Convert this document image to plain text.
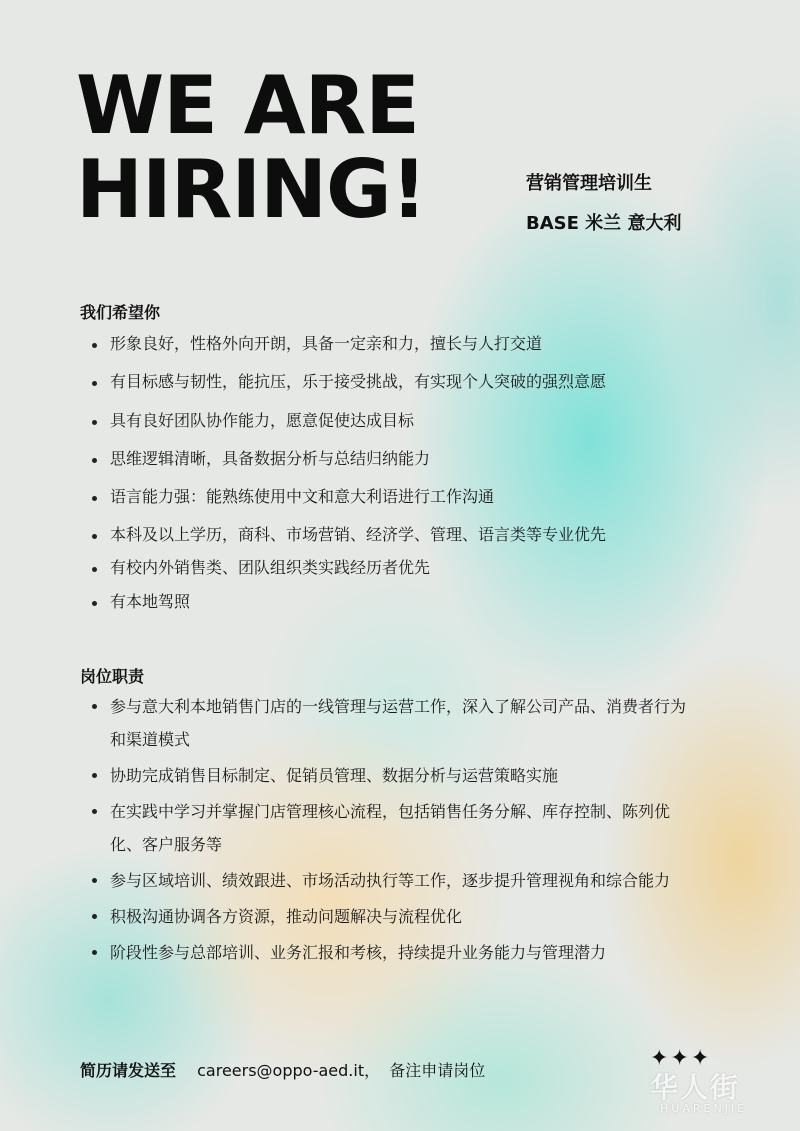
WE ARE
HIRING!	营销管理培训生
BASE 米兰 意大利
我们希望你
形象良好，性格外向开朗，具备一定亲和力，擅长与人打交道
有目标感与韧性，能抗压，乐于接受挑战，有实现个人突破的强烈意愿
具有良好团队协作能力，愿意促使达成目标
思维逻辑清晰，具备数据分析与总结归纳能力
语言能力强：能熟练使用中文和意大利语进行工作沟通
本科及以上学历，商科、市场营销、经济学、管理、语言类等专业优先
有校内外销售类、团队组织类实践经历者优先
有本地驾照
岗位职责
参与意大利本地销售门店的一线管理与运营工作，深入了解公司产品、消费者行为和渠道模式
协助完成销售目标制定、促销员管理、数据分析与运营策略实施
在实践中学习并掌握门店管理核心流程，包括销售任务分解、库存控制、陈列优化、客户服务等
参与区域培训、绩效跟进、市场活动执行等工作，逐步提升管理视角和综合能力
积极沟通协调各方资源，推动问题解决与流程优化
阶段性参与总部培训、业务汇报和考核，持续提升业务能力与管理潜力
简历请发送至 careers@oppo-aed.it， 备注申请岗位	✦✦✦
华人街
HUARENJIE
